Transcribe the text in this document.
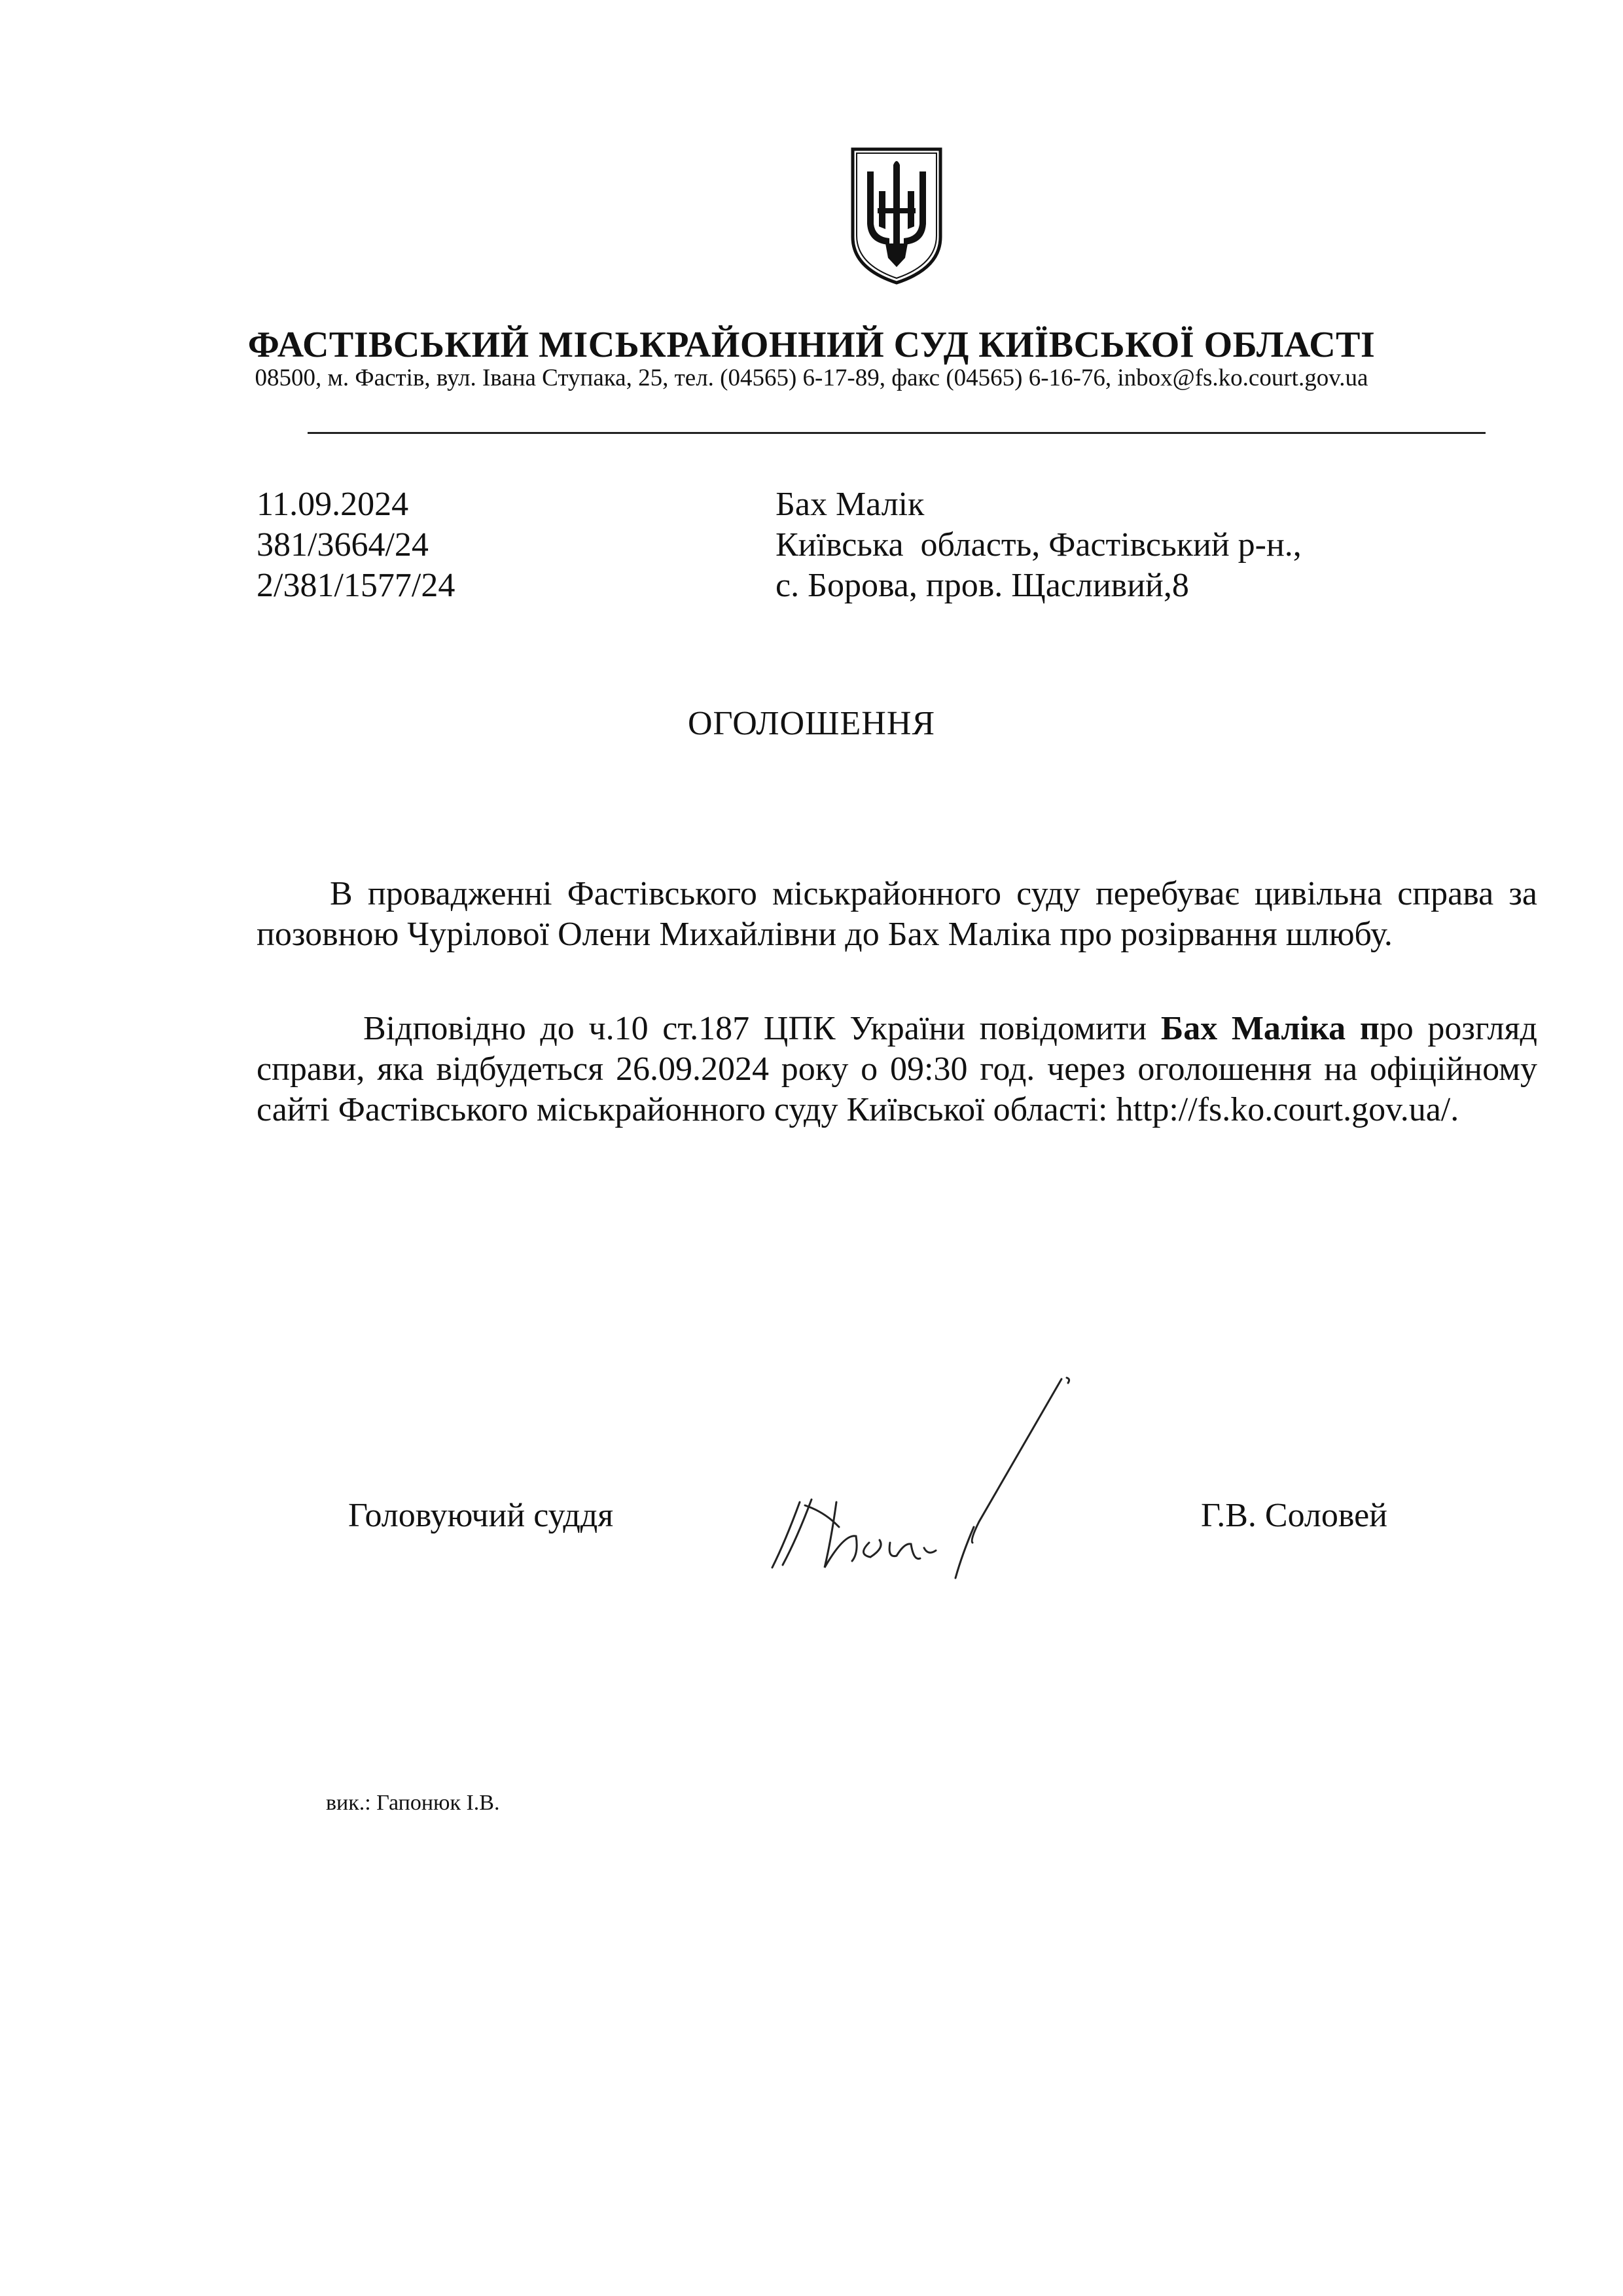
ФАСТІВСЬКИЙ МІСЬКРАЙОННИЙ СУД КИЇВСЬКОЇ ОБЛАСТІ
08500, м. Фастів, вул. Івана Ступака, 25, тел. (04565) 6-17-89, факс (04565) 6-16-76, inbox@fs.ko.court.gov.ua
11.09.2024
381/3664/24
2/381/1577/24
Бах Малік
Київська  область, Фастівський р-н.,
с. Борова, пров. Щасливий,8
ОГОЛОШЕННЯ
В провадженні Фастівського міськрайонного суду перебуває цивільна справа за позовною Чурілової Олени Михайлівни до Бах Маліка про розірвання шлюбу.
Відповідно до ч.10 ст.187 ЦПК України повідомити Бах Маліка про розгляд справи, яка відбудеться 26.09.2024 року о 09:30 год. через оголошення на офіційному сайті Фастівського міськрайонного суду Київської області: http://fs.ko.court.gov.ua/.
Головуючий суддя	Г.В. Соловей
вик.: Гапонюк І.В.
